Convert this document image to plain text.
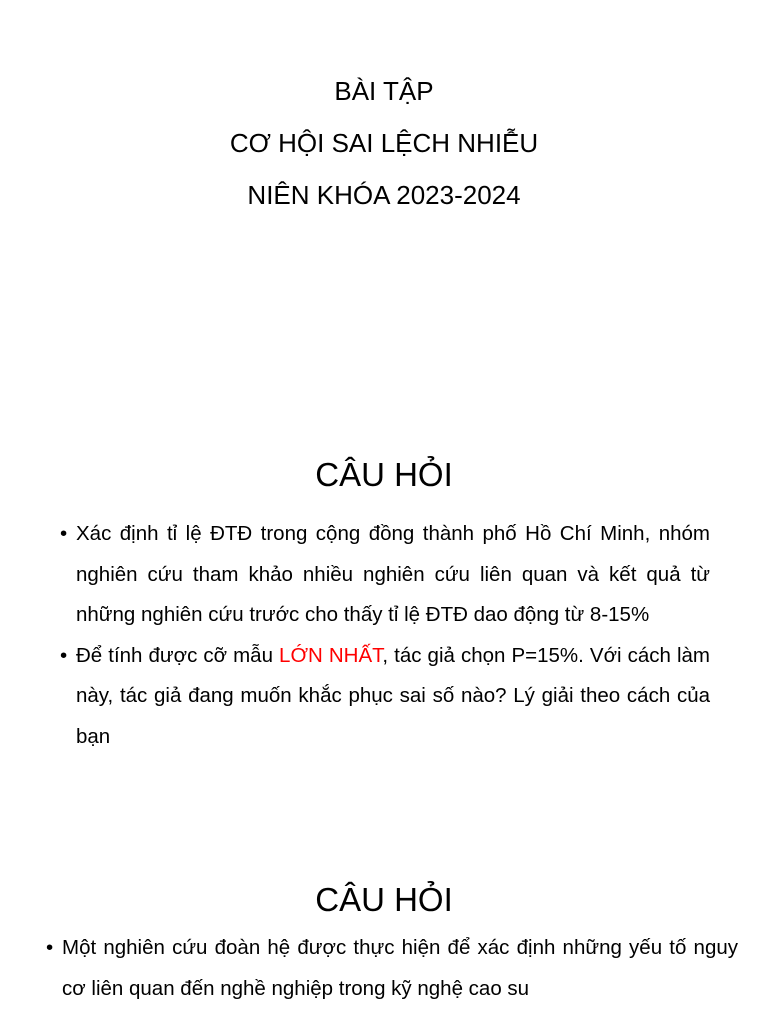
BÀI TẬP
CƠ HỘI SAI LỆCH NHIỄU
NIÊN KHÓA 2023-2024
CÂU HỎI
• Xác định tỉ lệ ĐTĐ trong cộng đồng thành phố Hồ Chí Minh, nhóm nghiên cứu tham khảo nhiều nghiên cứu liên quan và kết quả từ những nghiên cứu trước cho thấy tỉ lệ ĐTĐ dao động từ 8-15%
• Để tính được cỡ mẫu LỚN NHẤT, tác giả chọn P=15%. Với cách làm này, tác giả đang muốn khắc phục sai số nào? Lý giải theo cách của bạn
CÂU HỎI
• Một nghiên cứu đoàn hệ được thực hiện để xác định những yếu tố nguy cơ liên quan đến nghề nghiệp trong kỹ nghệ cao su
